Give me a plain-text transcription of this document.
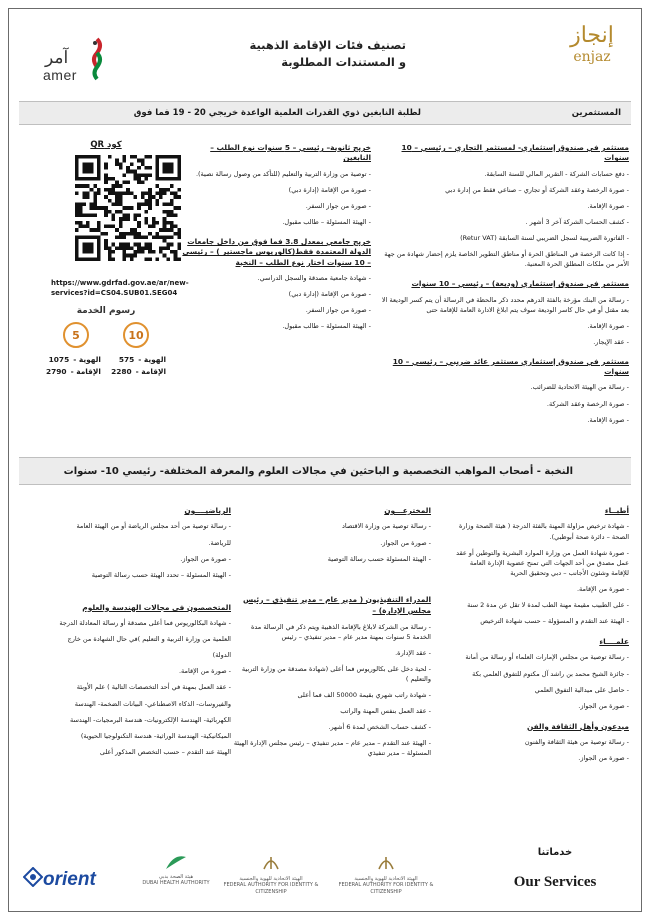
إنجاز
enjaz
تصنيف فئات الإقامة الذهبية
و المستندات المطلوبة
آمر
amer
المستثمرين
لطلبة النابغين ذوي القدرات العلمية الواعدة خريجي 20 - 19 فما فوق
مستثمر في صندوق إستثماري- لمستثمر التجاري – رئيسي – 10 سنوات

- دفع حسابات الشركة - التقرير المالي للسنة السابقة.

- صورة الرخصة وعقد الشركة أو تجاري – صناعي فقط من إدارة دبي

- صورة الإقامة.

- كشف الحساب الشركة آخر 3 أشهر .

- الفاتورة الضريبية لسجل الضريبي لسنة السابقة (Retur VAT)

- إذا كانت الرخصة في المناطق الحرة أو مناطق التطوير الخاصة يلزم إحضار شهادة من جهة الأمر من ملكات المطلق الحرة المعنية.

مستثمر في صندوق إستثماري (وديعة) – رئيسي – 10 سنوات

- رسالة من البنك مؤرخة بالفئة الدرهم محدد ذكر مالحظة في الرسالة أن يتم كسر الوديعة الا بعد مقتل أو في حال كاسر الوديعة سوف يتم ابلاغ الادارة العامة للإقامة حتى

- صورة الإقامة.

- عقد الإيجار.

مستثمر في صندوق إستثماري مستثمر عائد ضريبي – رئيسي – 10 سنوات

- رسالة من الهيئة الاتحادية للضرائب.

- صورة الرخصة وعقد الشركة.

- صورة الإقامة.

خريج ثانوية– رئيسي – 5 سنوات نوع الطلب – النابغين

- توصية من وزارة التربية والتعليم (للتأكد من وصول رسالة نصية).

- صورة من الإقامة (إدارة دبي)

- صورة من جواز السفر.

- الهيئة المسئولة – طالب مقبول.

خريج جامعي بمعدل 3.8 فما فوق من داخل جامعات الدولة المعتمدة فقط(كالوريوس ماجستير ) – رئيسي – 10 سنوات اختار نوع الطلب – النخبة

- شهادة جامعية مصدقة والسجل الدراسي.

- صورة من الإقامة (إدارة دبي)

- صورة من جواز السفر.

- الهيئة المسئولة – طالب مقبول.

كود QR
https://www.gdrfad.gov.ae/ar/new-services?id=CS04.SUB01.SEG04
رسوم الخدمة
10
5
الهوية -
575
الإقامة -
2280
الهوية -
1075
الإقامة -
2790
النخبة - أصحاب المواهب التخصصية و الباحثين في مجالات العلوم والمعرفة المختلفة- رئيسي 10- سنوات
أطبــاء

- شهادة ترخيص مزاولة المهنة بالفئة الدرجة ( هيئة الصحة وزارة الصحة – دائرة صحة أبوظبي).

- صورة شهادة العمل من وزارة الموارد البشرية والتوطين أو عقد عمل مصدق من أحد الجهات التي تمنح عضوية الإدارة العامة للإقامة وشئون الأجانب – دبي وتحقيق الحرية

- صورة من الإقامة.

- على الطبيب مقيمة مهنة الطب لمدة لا تقل عن مدة 2 سنة

- الهيئة عند التقدم و المسؤولة – حسب شهادة الترخيص

علمــــاء

- رسالة توصية من مجلس الإمارات العلماء أو رسالة من أمانة

- جائزة الشيخ محمد بن راشد آل مكتوم للتفوق العلمي بكة

- حاصل على ميدالية التفوق العلمي

- صورة من الجواز.

مبدعون وأهل الثقافة والفن

- رسالة توصية من هيئة الثقافة والفنون

- صورة من الجواز.

المخترعـــون

- رسالة توصية من وزارة الاقتصاد

- صورة من الجواز.

- الهيئة المسئولة حسب رسالة التوصية

المدراء التنفيذيون ( مدير عام – مدير تنفيذي – رئيس مجلس الإدارة) –

- رسالة من الشركة لابلاغ بالإقامة الذهبية ويتم ذكر في الرسالة مدة الخدمة 5 سنوات بمهنة مدير عام – مدير تنفيذي – رئيس

- عقد الإدارة.

- لحية دخل على بكالوريوس فما أعلى (شهادة مصدقة من وزارة التربية والتعليم )

- شهادة راتب شهري بقيمة 50000 الف فما أعلى

- عقد العمل بنفس المهنة والراتب

- كشف حساب الشخص لمدة 6 أشهر.

- الهيئة عند التقدم – مدير عام – مدير تنفيذي – رئيس مجلس الإدارة الهيئة المسئولة – مدير تنفيذي

الرياضيــــون

- رسالة توصية من أحد مجلس الرياضة أو من الهيئة العامة

للرياضة.

- صورة من الجواز.

- الهيئة المسئولة – تحدد الهيئة حسب رسالة التوصية

المتخصصون في مجالات الهندسة والعلوم

- شهادة البكالوريوس فما أعلى مصدقة أو رسالة المعادلة الدرجة

العلمية من وزارة التربية و التعليم )في حال الشهادة من خارج

الدولة)

- صورة من الإقامة.

- عقد العمل بمهنة في أحد التخصصات التالية ) علم الأوبئة

والفيروسات- الذكاء الاصطناعي- البيانات الضخمة- الهندسة

الكهربائية- الهندسة الإلكترونيات- هندسة البرمجيات- الهندسة

الميكانيكية- الهندسة الوراثية- هندسة التكنولوجيا الحيوية)

الهيئة عند التقدم – حسب التخصص المذكور أعلى

خدماتنا
Our Services
الهيئة الاتحادية للهوية والجنسية
FEDERAL AUTHORITY FOR IDENTITY & CITIZENSHIP
الهيئة الاتحادية للهوية والجنسية
FEDERAL AUTHORITY FOR IDENTITY & CITIZENSHIP
هيئة الصحة بدبي
DUBAI HEALTH AUTHORITY
orient
